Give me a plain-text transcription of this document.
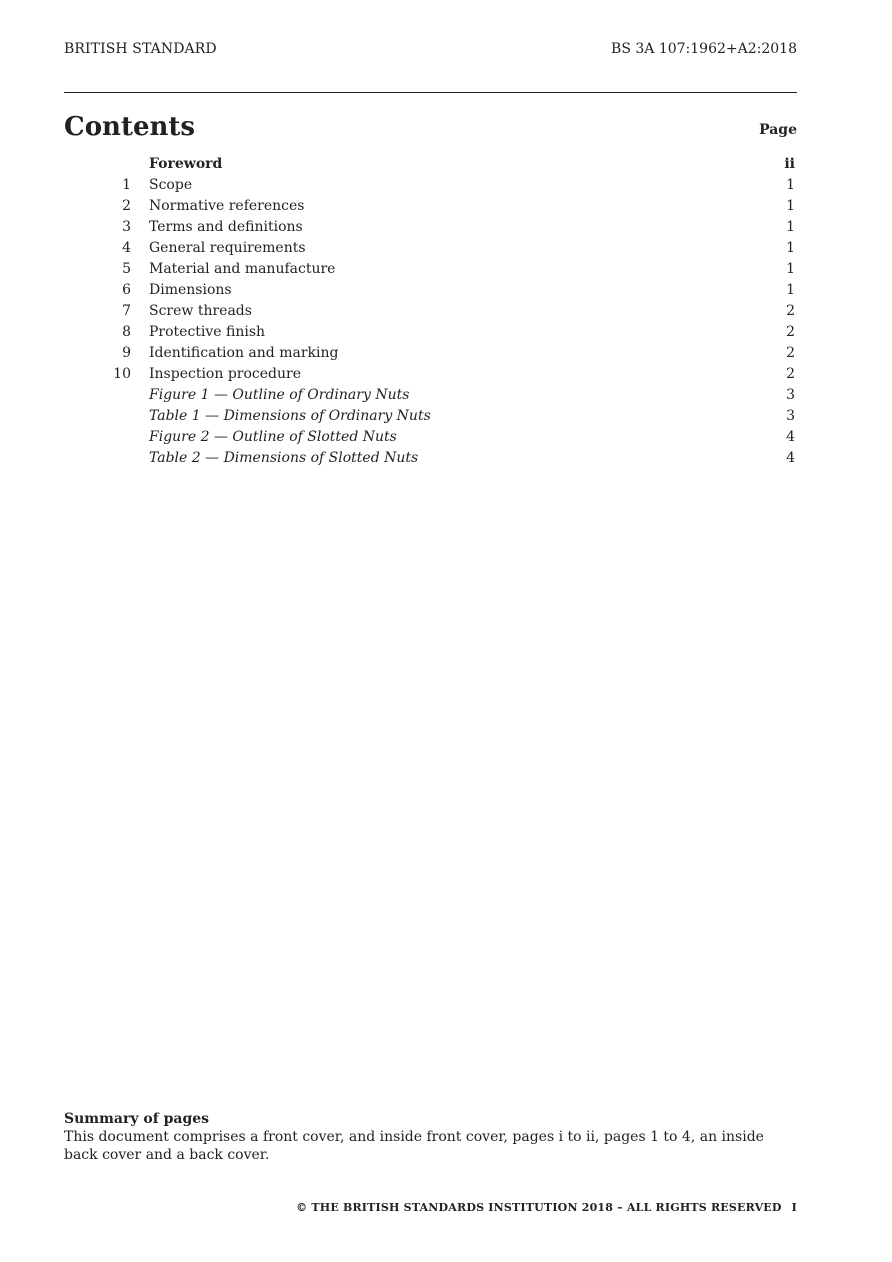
BRITISH STANDARD	BS 3A 107:1962+A2:2018
Contents	Page
Foreword	ii
1 Scope	1
2 Normative references	1
3 Terms and definitions	1
4 General requirements	1
5 Material and manufacture	1
6 Dimensions	1
7 Screw threads	2
8 Protective finish	2
9 Identification and marking	2
10 Inspection procedure	2
Figure 1 — Outline of Ordinary Nuts	3
Table 1 — Dimensions of Ordinary Nuts	3
Figure 2 — Outline of Slotted Nuts	4
Table 2 — Dimensions of Slotted Nuts	4
Summary of pages
This document comprises a front cover, and inside front cover, pages i to ii, pages 1 to 4, an inside back cover and a back cover.
© THE BRITISH STANDARDS INSTITUTION 2018 – ALL RIGHTS RESERVED I
